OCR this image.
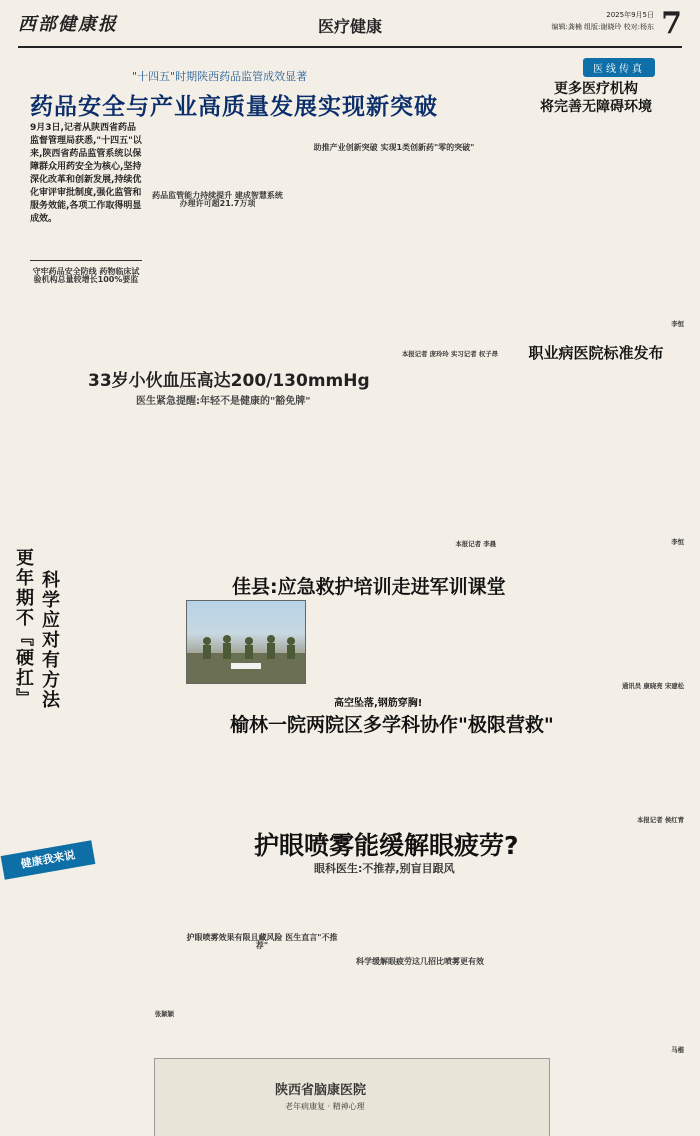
西部健康报	医疗健康
2025年9月5日
编辑:龚楠 组版:谢晓玲 校对:杨东 7
"十四五"时期陕西药品监管成效显著
药品安全与产业高质量发展实现新突破

9月3日,记者从陕西省药品监督管理局获悉,"十四五"以来,陕西省药品监管系统以保障群众用药安全为核心,坚持深化改革和创新发展,持续优化审评审批制度,强化监管和服务效能,各项工作取得明显成效。

守牢药品安全防线 药物临床试验机构总量较增长100%要监
药品监管能力持续提升 建成智慧系统办理许可超21.7万项
助推产业创新突破 实现1类创新药"零的突破"
本报记者 庞玲玲 实习记者 权子昂
医线传真
更多医疗机构
将完善无障碍环境
李恒
职业病医院标准发布
李恒
33岁小伙血压高达200/130mmHg
医生紧急提醒:年轻不是健康的"豁免牌"
本报记者 李晨
更年期不『硬扛』 科学应对有方法
张颖颖
佳县:应急救护培训走进军训课堂
通讯员 康晓亮 宋建松
高空坠落,钢筋穿胸!
榆林一院两院区多学科协作"极限营救"
本报记者 侯红青
健康我来说	护眼喷雾能缓解眼疲劳?
眼科医生:不推荐,别盲目跟风
护眼喷雾效果有限且藏风险 医生直言"不推荐"
科学缓解眼疲劳这几招比喷雾更有效
马楷
陕西省脑康医院
老年病康复 · 精神心理
